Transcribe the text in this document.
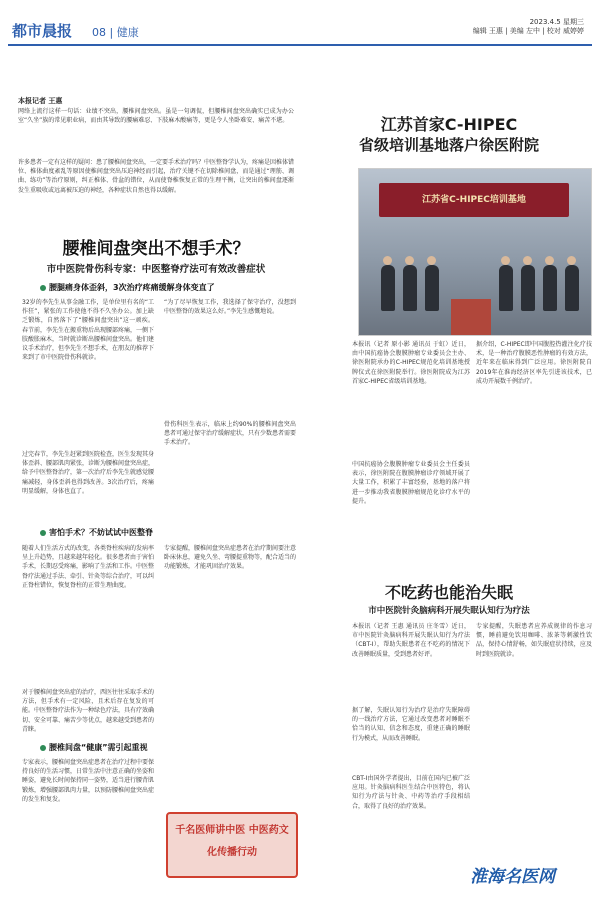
都市晨报 08 | 健康
2023.4.5 星期三
编辑 王惠 | 美编 左中 | 校对 威婷婷
本报记者 王惠
网络上流行这样一句话：业绩不突出，腰椎间盘突出。虽是一句调侃，但腰椎间盘突出确实已成为办公室“久坐”族的常见职业病，而由其导致的腰痛难忍、下肢麻木酸痛等，更是令人坐卧难安、痛苦不堪。
许多患者一定有这样的疑问：患了腰椎间盘突出，一定要手术治疗吗？中医整脊学认为，疼痛是因椎体错位、椎体曲度紊乱等原因使椎间盘突出压迫神经而引起，治疗关键不在切除椎间盘，而是通过“理筋、调曲、练功”等治疗原则，纠正椎体、骨盆的错位，从而使脊椎恢复正常的生理平衡，让突出的椎间盘逐渐发生重吸收或远离被压迫的神经，各种症状自然也得以缓解。
腰椎间盘突出不想手术？
市中医院骨伤科专家：中医整脊疗法可有效改善症状
腰腿痛身体歪斜，3次治疗疼痛缓解身体变直了
32岁的李先生从事金融工作，是单位里有名的“工作狂”，紧张的工作使他不得不久坐办公。加上缺乏锻炼，自然落下了“腰椎间盘突出”这一顽疾。春节前，李先生在搬重物后出现腰部疼痛，一侧下肢酸胀麻木，当时就诊断出腰椎间盘突出。他们建议手术治疗，但李先生不想手术，在朋友的推荐下来到了市中医院骨伤科就诊。
过完春节，李先生赶紧到医院检查，医生发现其身体歪斜、腰部肌肉紧张，诊断为腰椎间盘突出症，给予中医整脊治疗，第一次治疗后李先生就感觉腰痛减轻，身体歪斜也得到改善。3次治疗后，疼痛明显缓解，身体也直了。
“为了尽早恢复工作，我选择了保守治疗，没想到中医整脊的效果这么好。”李先生感慨地说。
骨伤科医生表示，临床上约90%的腰椎间盘突出患者可通过保守治疗缓解症状，只有少数患者需要手术治疗。
害怕手术？不妨试试中医整脊
随着人们生活方式的改变，各类脊柱疾病的发病率呈上升趋势，且越来越年轻化。很多患者由于害怕手术，长期忍受疼痛，影响了生活和工作。中医整脊疗法通过手法、牵引、针灸等综合治疗，可以纠正脊柱错位，恢复脊柱的正常生理曲度。
对于腰椎间盘突出症的治疗，西医往往采取手术的方法，但手术有一定风险，且术后存在复发的可能。中医整脊疗法作为一种绿色疗法，具有疗效确切、安全可靠、痛苦少等优点，越来越受到患者的青睐。
专家提醒，腰椎间盘突出症患者在治疗期间要注意卧床休息，避免久坐、弯腰提重物等，配合适当的功能锻炼，才能巩固治疗效果。
腰椎间盘“健康”需引起重视
专家表示，腰椎间盘突出症患者在治疗过程中要保持良好的生活习惯，日常生活中注意正确的坐姿和睡姿，避免长时间保持同一姿势，适当进行腰背肌锻炼，增强腰部肌肉力量，以预防腰椎间盘突出症的发生和复发。
千名医师讲中医 中医药文化传播行动
江苏首家C-HIPEC
省级培训基地落户徐医附院
江苏省C-HIPEC培训基地
本报讯（记者 原小影 通讯员 于虹）近日，由中国抗癌协会腹膜肿瘤专业委员会主办、徐医附院承办的C-HIPEC规范化培训基地授牌仪式在徐医附院举行。徐医附院成为江苏首家C-HIPEC省级培训基地。
中国抗癌协会腹膜肿瘤专业委员会主任委员表示，徐医附院在腹膜肿瘤诊疗领域开展了大量工作，积累了丰富经验，基地的落户将进一步推动我省腹膜肿瘤规范化诊疗水平的提升。
据介绍，C-HIPEC即中国腹腔热灌注化疗技术，是一种治疗腹膜恶性肿瘤的有效方法，近年来在临床得到广泛应用。徐医附院自2019年在淮海经济区率先引进该技术，已成功开展数千例治疗。
不吃药也能治失眠
市中医院针灸脑病科开展失眠认知行为疗法
本报讯（记者 王惠 通讯员 庄冬雪）近日，市中医院针灸脑病科开展失眠认知行为疗法（CBT-I），帮助失眠患者在不吃药的情况下改善睡眠质量，受到患者好评。
据了解，失眠认知行为治疗是治疗失眠障碍的一线治疗方法，它通过改变患者对睡眠不恰当的认知、信念和态度，重建正确的睡眠行为模式，从而改善睡眠。
CBT-I由国外学者提出，目前在国内已被广泛应用。针灸脑病科医生结合中医特色，将认知行为疗法与针灸、中药等治疗手段相结合，取得了良好的治疗效果。
专家提醒，失眠患者应养成规律的作息习惯，睡前避免饮用咖啡、浓茶等刺激性饮品，保持心情舒畅，如失眠症状持续，应及时到医院就诊。
淮海名医网
